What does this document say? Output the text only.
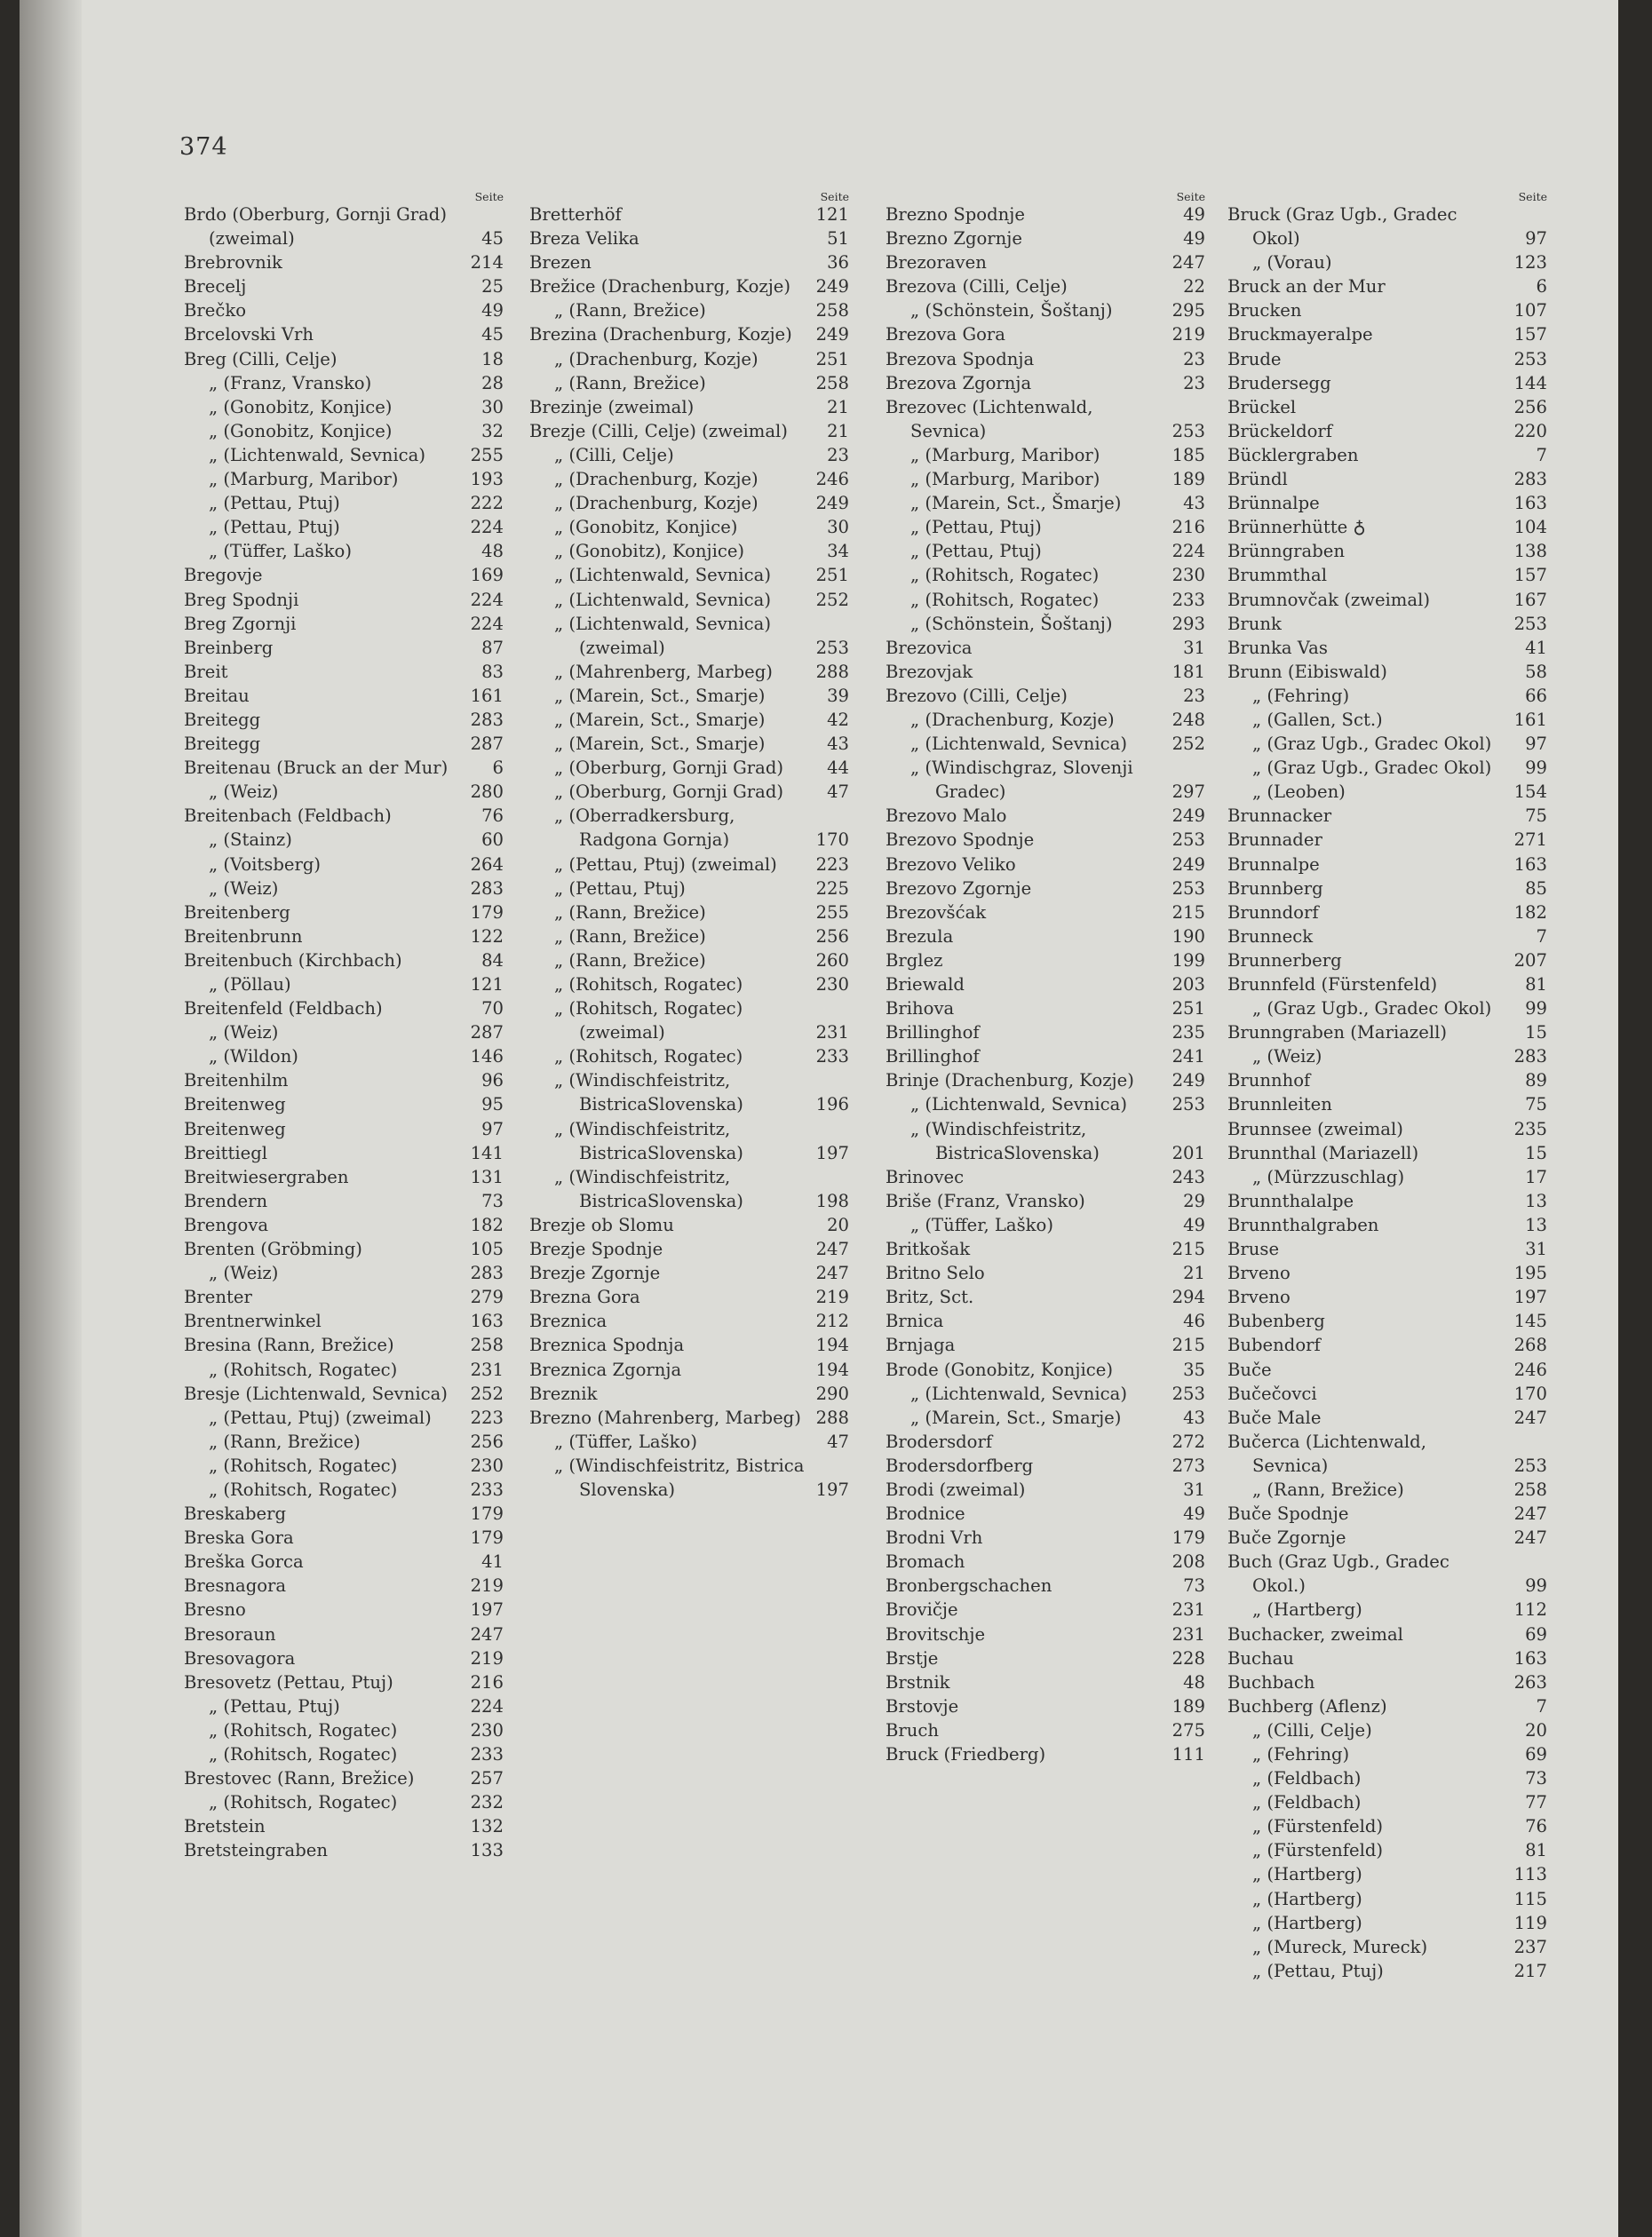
374
Seite
Brdo (Oberburg, Gornji Grad) (zweimal)	45
Brebrovnik	214
Brecelj	25
Brečko	49
Brcelovski Vrh	45
Breg (Cilli, Celje)	18
„ (Franz, Vransko)	28
„ (Gonobitz, Konjice)	30
„ (Gonobitz, Konjice)	32
„ (Lichtenwald, Sevnica)	255
„ (Marburg, Maribor)	193
„ (Pettau, Ptuj)	222
„ (Pettau, Ptuj)	224
„ (Tüffer, Laško)	48
Bregovje	169
Breg Spodnji	224
Breg Zgornji	224
Breinberg	87
Breit	83
Breitau	161
Breitegg	283
Breitegg	287
Breitenau (Bruck an der Mur)	6
„ (Weiz)	280
Breitenbach (Feldbach)	76
„ (Stainz)	60
„ (Voitsberg)	264
„ (Weiz)	283
Breitenberg	179
Breitenbrunn	122
Breitenbuch (Kirchbach)	84
„ (Pöllau)	121
Breitenfeld (Feldbach)	70
„ (Weiz)	287
„ (Wildon)	146
Breitenhilm	96
Breitenweg	95
Breitenweg	97
Breittiegl	141
Breitwiesergraben	131
Brendern	73
Brengova	182
Brenten (Gröbming)	105
„ (Weiz)	283
Brenter	279
Brentnerwinkel	163
Bresina (Rann, Brežice)	258
„ (Rohitsch, Rogatec)	231
Bresje (Lichtenwald, Sevnica) 252
„ (Pettau, Ptuj) (zweimal) 223
„ (Rann, Brežice)	256
„ (Rohitsch, Rogatec)	230
„ (Rohitsch, Rogatec)	233
Breskaberg	179
Breska Gora	179
Breška Gorca	41
Bresnagora	219
Bresno	197
Bresoraun	247
Bresovagora	219
Bresovetz (Pettau, Ptuj)	216
„ (Pettau, Ptuj)	224
„ (Rohitsch, Rogatec)	230
„ (Rohitsch, Rogatec)	233
Brestovec (Rann, Brežice)	257
„ (Rohitsch, Rogatec)	232
Bretstein	132
Bretsteingraben	133
Seite
Bretterhöf	121
Breza Velika	51
Brezen	36
Brežice (Drachenburg, Kozje) 249
„ (Rann, Brežice)	258
Brezina (Drachenburg, Kozje) 249
„ (Drachenburg, Kozje)	251
„ (Rann, Brežice)	258
Brezinje (zweimal)	21
Brezje (Cilli, Celje) (zweimal) 21
„ (Cilli, Celje)	23
„ (Drachenburg, Kozje)	246
„ (Drachenburg, Kozje)	249
„ (Gonobitz, Konjice)	30
„ (Gonobitz), Konjice)	34
„ (Lichtenwald, Sevnica)	251
„ (Lichtenwald, Sevnica)	252
„ (Lichtenwald, Sevnica) (zweimal)	253
„ (Mahrenberg, Marbeg) 288
„ (Marein, Sct., Smarje)	39
„ (Marein, Sct., Smarje)	42
„ (Marein, Sct., Smarje)	43
„ (Oberburg, Gornji Grad)	44
„ (Oberburg, Gornji Grad)	47
„ (Oberradkersburg, Radgona Gornja)	170
„ (Pettau, Ptuj) (zweimal) 223
„ (Pettau, Ptuj)	225
„ (Rann, Brežice)	255
„ (Rann, Brežice)	256
„ (Rann, Brežice)	260
„ (Rohitsch, Rogatec)	230
„ (Rohitsch, Rogatec) (zweimal)	231
„ (Rohitsch, Rogatec)	233
„ (Windischfeistritz, BistricaSlovenska)	196
„ (Windischfeistritz, BistricaSlovenska)	197
„ (Windischfeistritz, BistricaSlovenska)	198
Brezje ob Slomu	20
Brezje Spodnje	247
Brezje Zgornje	247
Brezna Gora	219
Breznica	212
Breznica Spodnja	194
Breznica Zgornja	194
Breznik	290
Brezno (Mahrenberg, Marbeg) 288
„ (Tüffer, Laško)	47
„ (Windischfeistritz, Bistrica Slovenska)	197
Seite
Brezno Spodnje	49
Brezno Zgornje	49
Brezoraven	247
Brezova (Cilli, Celje)	22
„ (Schönstein, Šoštanj)	295
Brezova Gora	219
Brezova Spodnja	23
Brezova Zgornja	23
Brezovec (Lichtenwald, Sevnica)	253
„ (Marburg, Maribor)	185
„ (Marburg, Maribor)	189
„ (Marein, Sct., Šmarje)	43
„ (Pettau, Ptuj)	216
„ (Pettau, Ptuj)	224
„ (Rohitsch, Rogatec)	230
„ (Rohitsch, Rogatec)	233
„ (Schönstein, Šoštanj)	293
Brezovica	31
Brezovjak	181
Brezovo (Cilli, Celje)	23
„ (Drachenburg, Kozje)	248
„ (Lichtenwald, Sevnica)	252
„ (Windischgraz, Slovenji Gradec)	297
Brezovo Malo	249
Brezovo Spodnje	253
Brezovo Veliko	249
Brezovo Zgornje	253
Brezovšćak	215
Brezula	190
Brglez	199
Briewald	203
Brihova	251
Brillinghof	235
Brillinghof	241
Brinje (Drachenburg, Kozje) 249
„ (Lichtenwald, Sevnica)	253
„ (Windischfeistritz, BistricaSlovenska)	201
Brinovec	243
Briše (Franz, Vransko)	29
„ (Tüffer, Laško)	49
Britkošak	215
Britno Selo	21
Britz, Sct.	294
Brnica	46
Brnjaga	215
Brode (Gonobitz, Konjice)	35
„ (Lichtenwald, Sevnica)	253
„ (Marein, Sct., Smarje)	43
Brodersdorf	272
Brodersdorfberg	273
Brodi (zweimal)	31
Brodnice	49
Brodni Vrh	179
Bromach	208
Bronbergschachen	73
Brovičje	231
Brovitschje	231
Brstje	228
Brstnik	48
Brstovje	189
Bruch	275
Bruck (Friedberg)	111
Seite
Bruck (Graz Ugb., Gradec Okol)	97
„ (Vorau)	123
Bruck an der Mur	6
Brucken	107
Bruckmayeralpe	157
Brude	253
Brudersegg	144
Brückel	256
Brückeldorf	220
Bücklergraben	7
Bründl	283
Brünnalpe	163
Brünnerhütte ♁	104
Brünngraben	138
Brummthal	157
Brumnovčak (zweimal)	167
Brunk	253
Brunka Vas	41
Brunn (Eibiswald)	58
„ (Fehring)	66
„ (Gallen, Sct.)	161
„ (Graz Ugb., Gradec Okol) 97
„ (Graz Ugb., Gradec Okol) 99
„ (Leoben)	154
Brunnacker	75
Brunnader	271
Brunnalpe	163
Brunnberg	85
Brunndorf	182
Brunneck	7
Brunnerberg	207
Brunnfeld (Fürstenfeld)	81
„ (Graz Ugb., Gradec Okol) 99
Brunngraben (Mariazell)	15
„ (Weiz)	283
Brunnhof	89
Brunnleiten	75
Brunnsee (zweimal)	235
Brunnthal (Mariazell)	15
„ (Mürzzuschlag)	17
Brunnthalalpe	13
Brunnthalgraben	13
Bruse	31
Brveno	195
Brveno	197
Bubenberg	145
Bubendorf	268
Buče	246
Bučečovci	170
Buče Male	247
Bučerca (Lichtenwald, Sevnica)	253
„ (Rann, Brežice)	258
Buče Spodnje	247
Buče Zgornje	247
Buch (Graz Ugb., Gradec Okol.)	99
„ (Hartberg)	112
Buchacker, zweimal	69
Buchau	163
Buchbach	263
Buchberg (Aflenz)	7
„ (Cilli, Celje)	20
„ (Fehring)	69
„ (Feldbach)	73
„ (Feldbach)	77
„ (Fürstenfeld)	76
„ (Fürstenfeld)	81
„ (Hartberg)	113
„ (Hartberg)	115
„ (Hartberg)	119
„ (Mureck, Mureck)	237
„ (Pettau, Ptuj)	217
